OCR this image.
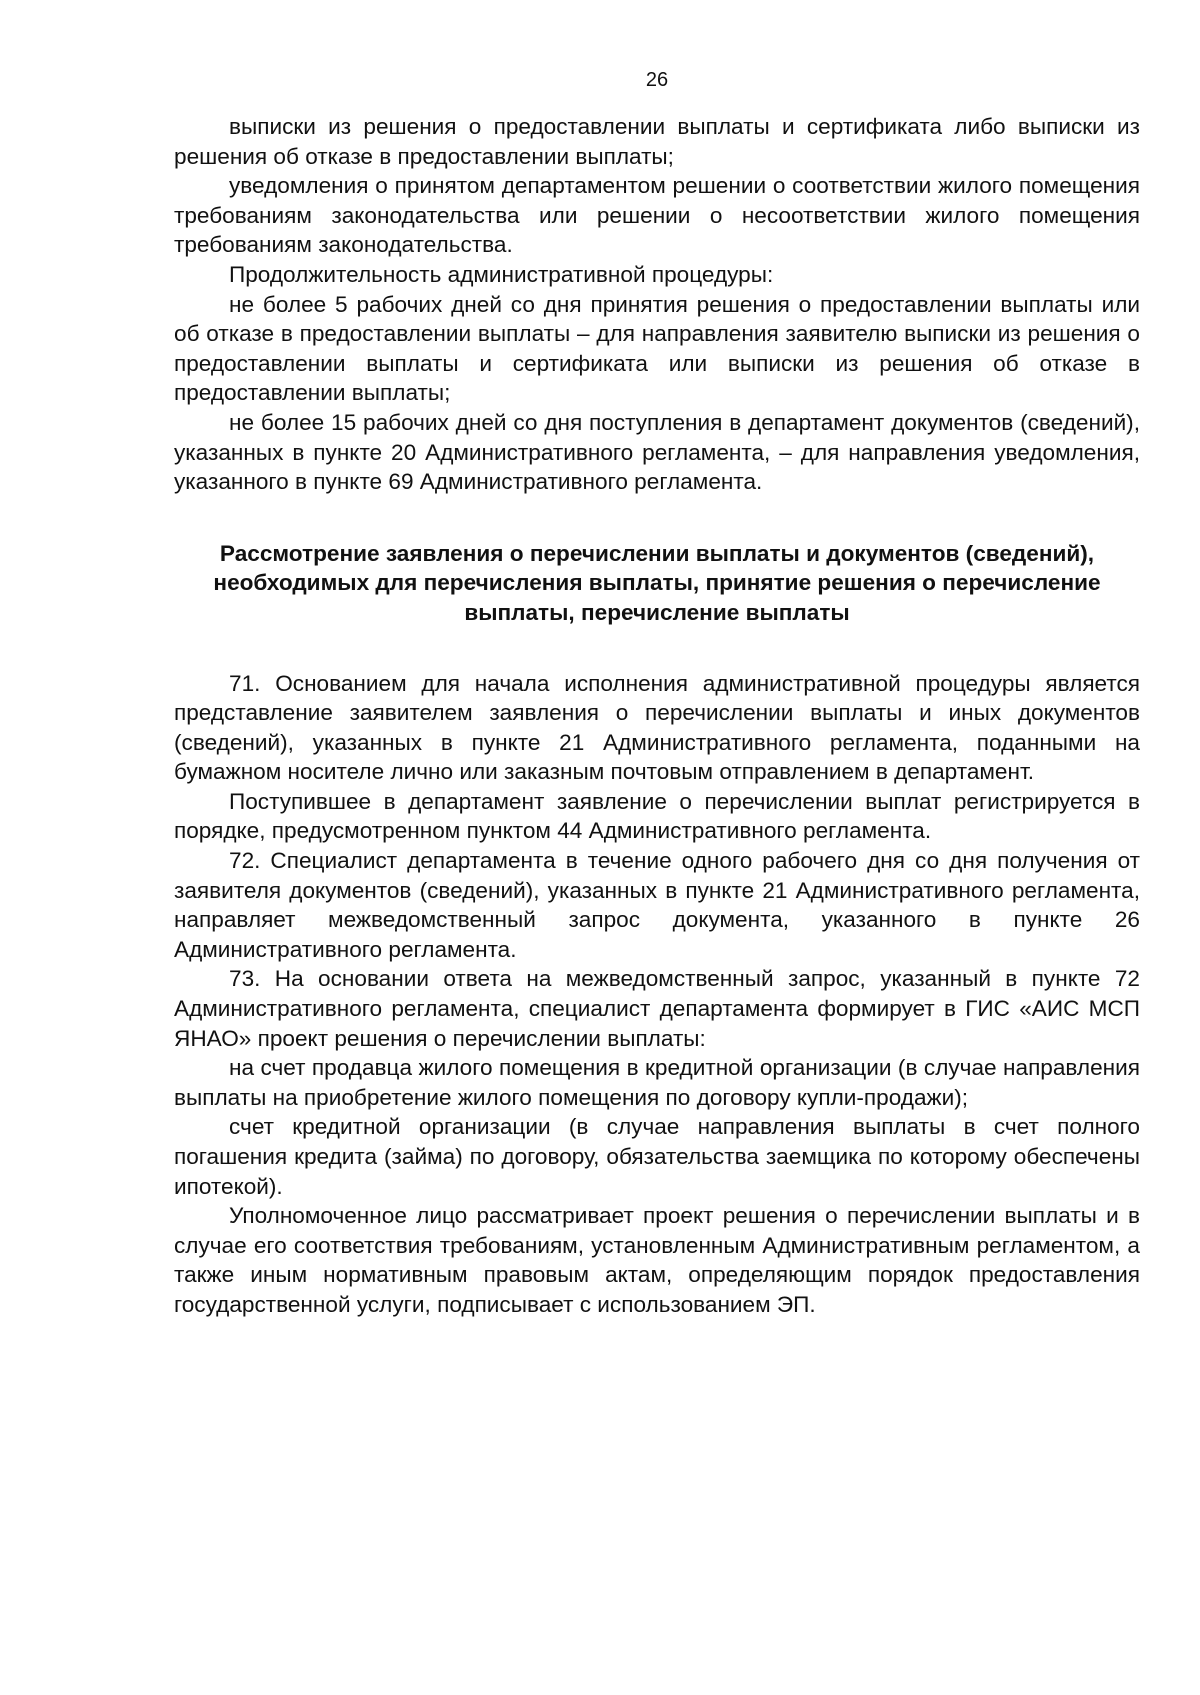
26

выписки из решения о предоставлении выплаты и сертификата либо выписки из решения об отказе в предоставлении выплаты;

уведомления о принятом департаментом решении о соответствии жилого помещения требованиям законодательства или решении о несоответствии жилого помещения требованиям законодательства.

Продолжительность административной процедуры:

не более 5 рабочих дней со дня принятия решения о предоставлении выплаты или об отказе в предоставлении выплаты – для направления заявителю выписки из решения о предоставлении выплаты и сертификата или выписки из решения об отказе в предоставлении выплаты;

не более 15 рабочих дней со дня поступления в департамент документов (сведений), указанных в пункте 20 Административного регламента, – для направления уведомления, указанного в пункте 69 Административного регламента.

Рассмотрение заявления о перечислении выплаты и документов (сведений), необходимых для перечисления выплаты, принятие решения о перечисление выплаты, перечисление выплаты

71. Основанием для начала исполнения административной процедуры является представление заявителем заявления о перечислении выплаты и иных документов (сведений), указанных в пункте 21 Административного регламента, поданными на бумажном носителе лично или заказным почтовым отправлением в департамент.

Поступившее в департамент заявление о перечислении выплат регистрируется в порядке, предусмотренном пунктом 44 Административного регламента.

72. Специалист департамента в течение одного рабочего дня со дня получения от заявителя документов (сведений), указанных в пункте 21 Административного регламента, направляет межведомственный запрос документа, указанного в пункте 26 Административного регламента.

73. На основании ответа на межведомственный запрос, указанный в пункте 72 Административного регламента, специалист департамента формирует в ГИС «АИС МСП ЯНАО» проект решения о перечислении выплаты:

на счет продавца жилого помещения в кредитной организации (в случае направления выплаты на приобретение жилого помещения по договору купли-продажи);

счет кредитной организации (в случае направления выплаты в счет полного погашения кредита (займа) по договору, обязательства заемщика по которому обеспечены ипотекой).

Уполномоченное лицо рассматривает проект решения о перечислении выплаты и в случае его соответствия требованиям, установленным Административным регламентом, а также иным нормативным правовым актам, определяющим порядок предоставления государственной услуги, подписывает с использованием ЭП.
